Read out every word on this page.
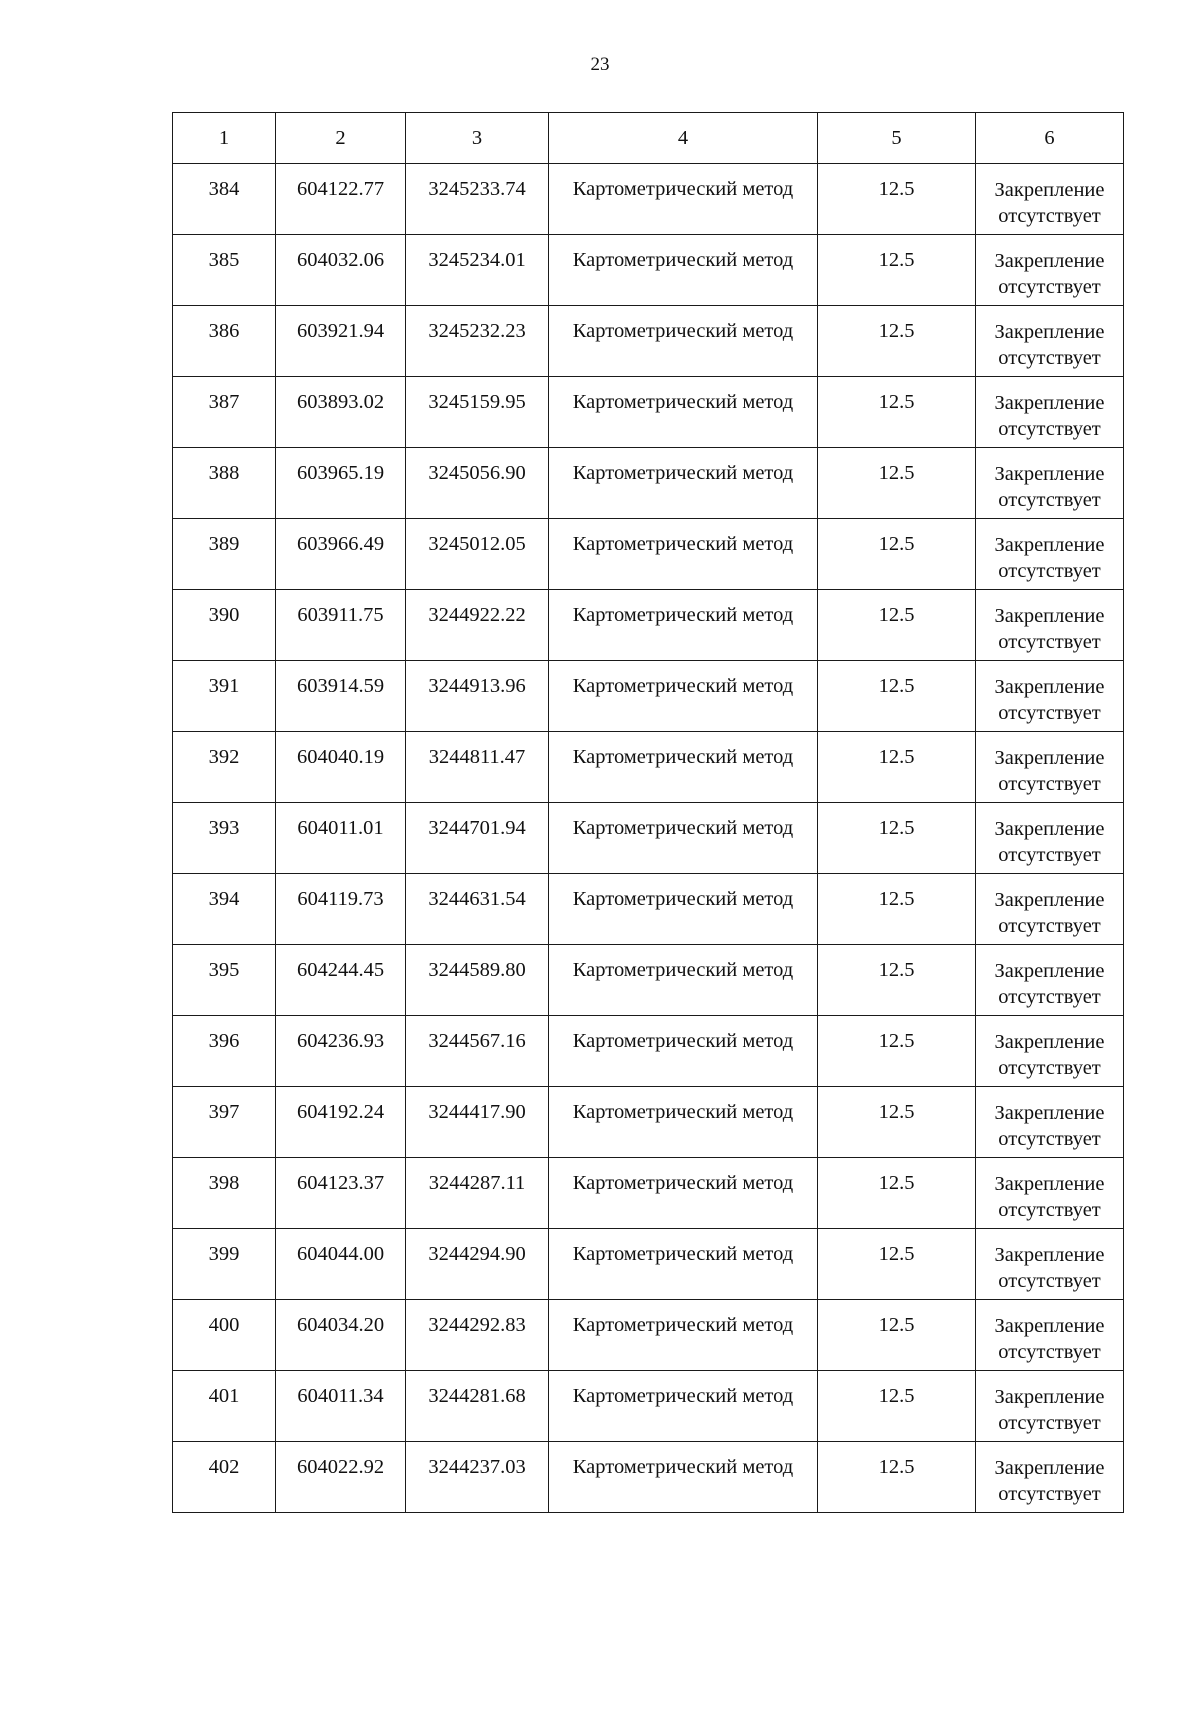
23
1	2	3	4	5	6
384	604122.77	3245233.74	Картометрический метод	12.5	Закрепление
отсутствует

385	604032.06	3245234.01	Картометрический метод	12.5	Закрепление
отсутствует

386	603921.94	3245232.23	Картометрический метод	12.5	Закрепление
отсутствует

387	603893.02	3245159.95	Картометрический метод	12.5	Закрепление
отсутствует

388	603965.19	3245056.90	Картометрический метод	12.5	Закрепление
отсутствует

389	603966.49	3245012.05	Картометрический метод	12.5	Закрепление
отсутствует

390	603911.75	3244922.22	Картометрический метод	12.5	Закрепление
отсутствует

391	603914.59	3244913.96	Картометрический метод	12.5	Закрепление
отсутствует

392	604040.19	3244811.47	Картометрический метод	12.5	Закрепление
отсутствует

393	604011.01	3244701.94	Картометрический метод	12.5	Закрепление
отсутствует

394	604119.73	3244631.54	Картометрический метод	12.5	Закрепление
отсутствует

395	604244.45	3244589.80	Картометрический метод	12.5	Закрепление
отсутствует

396	604236.93	3244567.16	Картометрический метод	12.5	Закрепление
отсутствует

397	604192.24	3244417.90	Картометрический метод	12.5	Закрепление
отсутствует

398	604123.37	3244287.11	Картометрический метод	12.5	Закрепление
отсутствует

399	604044.00	3244294.90	Картометрический метод	12.5	Закрепление
отсутствует

400	604034.20	3244292.83	Картометрический метод	12.5	Закрепление
отсутствует

401	604011.34	3244281.68	Картометрический метод	12.5	Закрепление
отсутствует

402	604022.92	3244237.03	Картометрический метод	12.5	Закрепление
отсутствует
